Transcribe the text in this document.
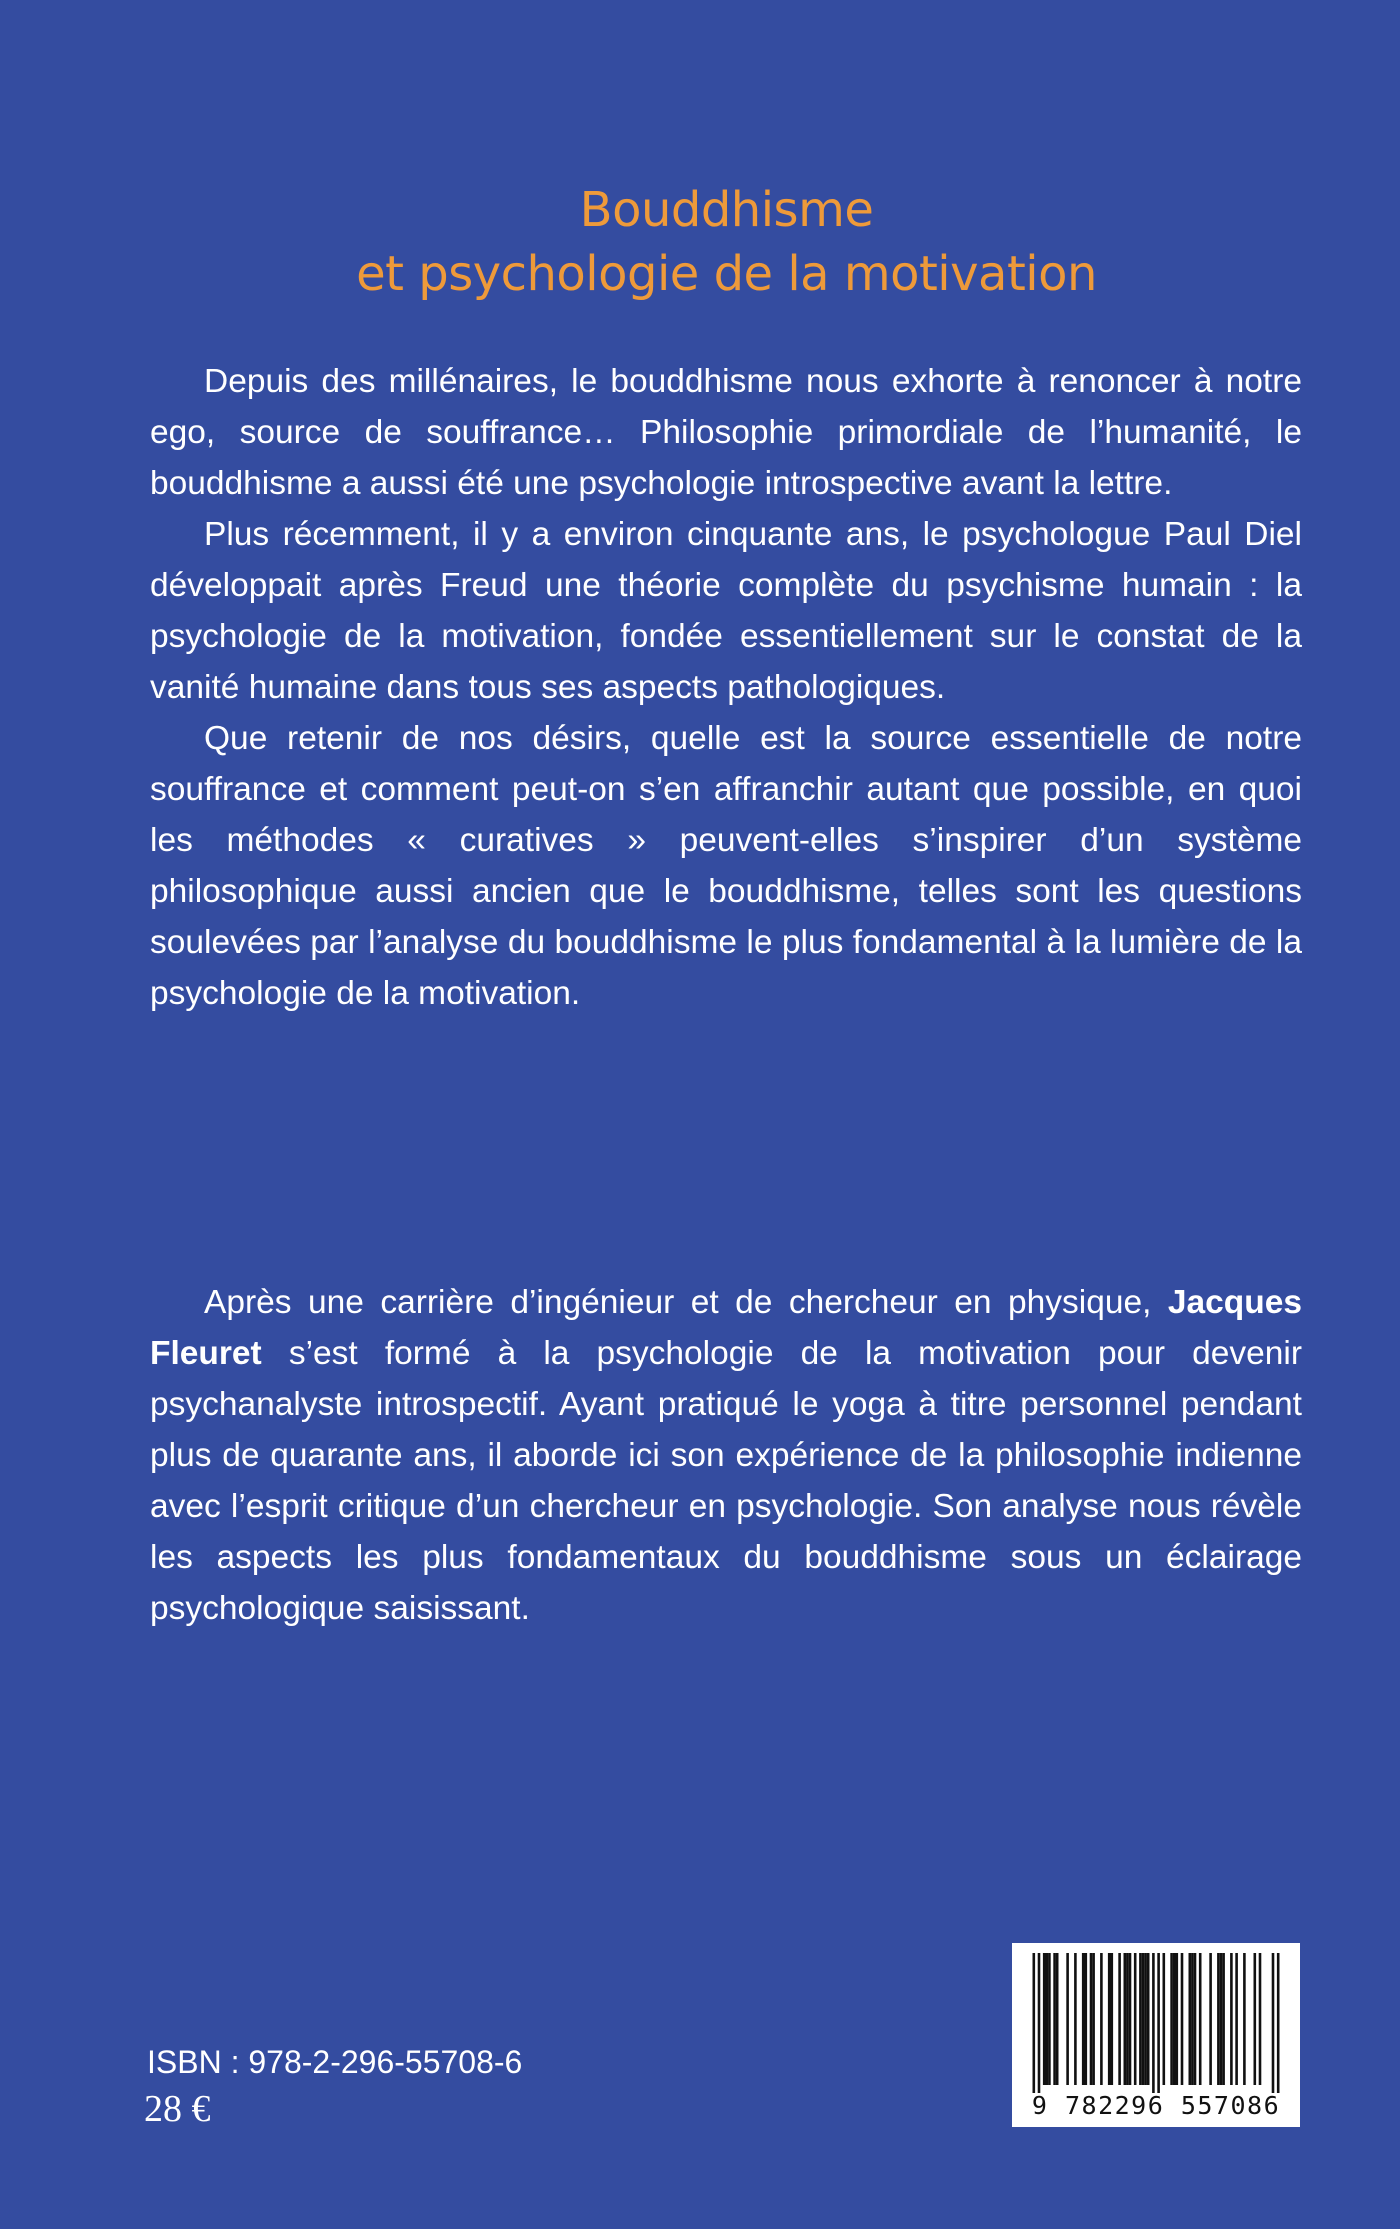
Bouddhisme
et psychologie de la motivation

Depuis des millénaires, le bouddhisme nous exhorte à renoncer à notre ego, source de souffrance… Philosophie primordiale de l’humanité, le bouddhisme a aussi été une psychologie introspective avant la lettre.

Plus récemment, il y a environ cinquante ans, le psychologue Paul Diel développait après Freud une théorie complète du psychisme humain : la psychologie de la motivation, fondée essentiellement sur le constat de la vanité humaine dans tous ses aspects pathologiques.

Que retenir de nos désirs, quelle est la source essentielle de notre souffrance et comment peut-on s’en affranchir autant que possible, en quoi les méthodes « curatives » peuvent-elles s’inspirer d’un système philosophique aussi ancien que le bouddhisme, telles sont les questions soulevées par l’analyse du bouddhisme le plus fondamental à la lumière de la psychologie de la motivation.

Après une carrière d’ingénieur et de chercheur en physique, Jacques Fleuret s’est formé à la psychologie de la motivation pour devenir psychanalyste introspectif. Ayant pratiqué le yoga à titre personnel pendant plus de quarante ans, il aborde ici son expérience de la philosophie indienne avec l’esprit critique d’un chercheur en psychologie. Son analyse nous révèle les aspects les plus fondamentaux du bouddhisme sous un éclairage psychologique saisissant.

ISBN : 978-2-296-55708-6
28 €	9 782296 557086
